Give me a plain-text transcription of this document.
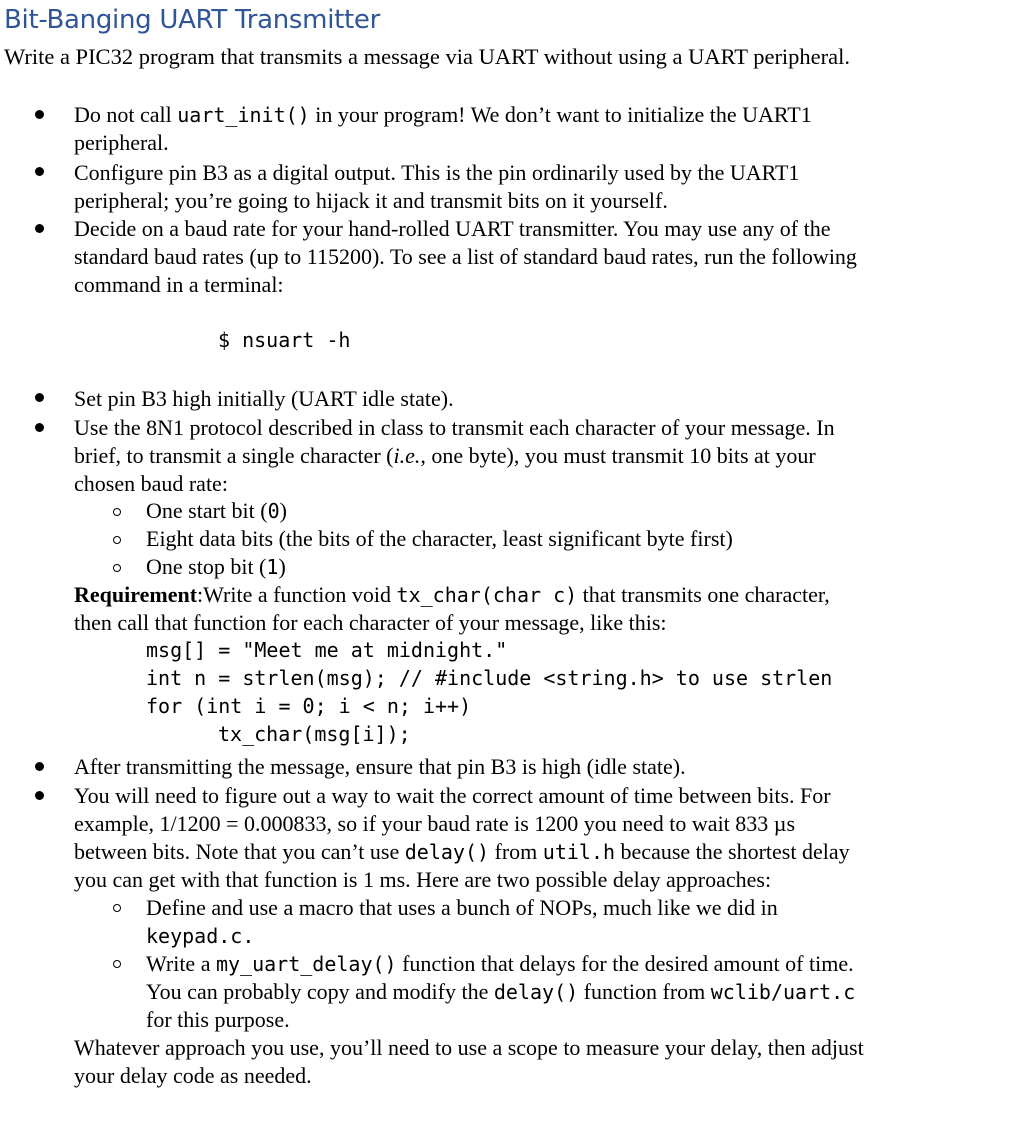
Bit-Banging UART Transmitter
Write a PIC32 program that transmits a message via UART without using a UART peripheral.
Do not call uart_init() in your program! We don’t want to initialize the UART1
peripheral.
Configure pin B3 as a digital output. This is the pin ordinarily used by the UART1
peripheral; you’re going to hijack it and transmit bits on it yourself.
Decide on a baud rate for your hand-rolled UART transmitter. You may use any of the
standard baud rates (up to 115200). To see a list of standard baud rates, run the following
command in a terminal:
$ nsuart -h
Set pin B3 high initially (UART idle state).
Use the 8N1 protocol described in class to transmit each character of your message. In
brief, to transmit a single character (i.e., one byte), you must transmit 10 bits at your
chosen baud rate:
One start bit (0)
Eight data bits (the bits of the character, least significant byte first)
One stop bit (1)
Requirement:Write a function void tx_char(char c) that transmits one character,
then call that function for each character of your message, like this:
msg[] = "Meet me at midnight."
int n = strlen(msg); // #include <string.h> to use strlen
for (int i = 0; i < n; i++)
tx_char(msg[i]);
After transmitting the message, ensure that pin B3 is high (idle state).
You will need to figure out a way to wait the correct amount of time between bits. For
example, 1/1200 = 0.000833, so if your baud rate is 1200 you need to wait 833 µs
between bits. Note that you can’t use delay() from util.h because the shortest delay
you can get with that function is 1 ms. Here are two possible delay approaches:
Define and use a macro that uses a bunch of NOPs, much like we did in
keypad.c.
Write a my_uart_delay() function that delays for the desired amount of time.
You can probably copy and modify the delay() function from wclib/uart.c
for this purpose.
Whatever approach you use, you’ll need to use a scope to measure your delay, then adjust
your delay code as needed.
